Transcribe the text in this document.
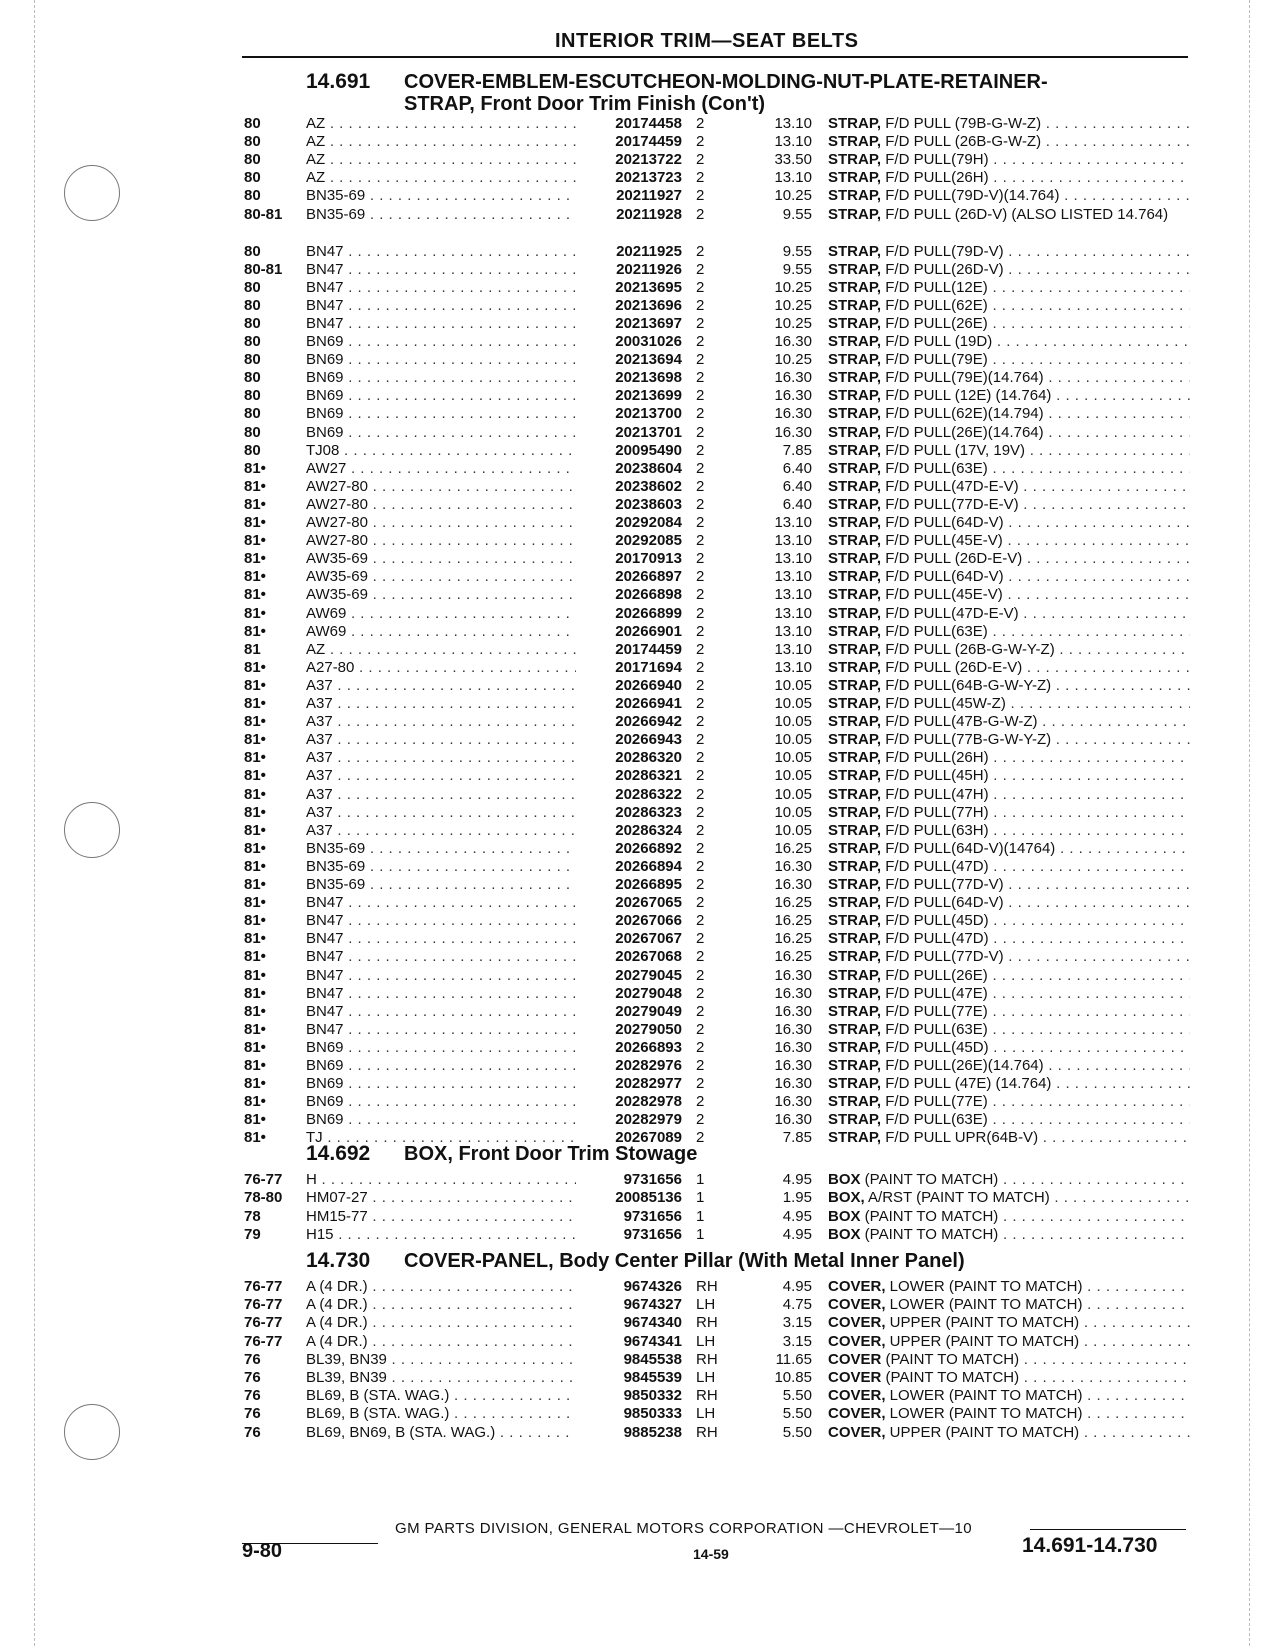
INTERIOR TRIM—SEAT BELTS
14.691 COVER-EMBLEM-ESCUTCHEON-MOLDING-NUT-PLATE-RETAINER-
STRAP, Front Door Trim Finish (Con't)
80	AZ . . .	20174458 2	13.10 STRAP, F/D PULL (79B-G-W-Z) . . .
80	AZ . . .	20174459 2	13.10 STRAP, F/D PULL (26B-G-W-Z) . . .
80	AZ . . .	20213722 2	33.50 STRAP, F/D PULL(79H) . . .
80	AZ . . .	20213723 2	13.10 STRAP, F/D PULL(26H) . . .
80	BN35-69 . . .	20211927 2	10.25 STRAP, F/D PULL(79D-V)(14.764) . . .
80-81	BN35-69 . . .	20211928 2	9.55 STRAP, F/D PULL (26D-V) (ALSO LISTED 14.764)
80	BN47 . . .	20211925 2	9.55 STRAP, F/D PULL(79D-V) . . .
80-81	BN47 . . .	20211926 2	9.55 STRAP, F/D PULL(26D-V) . . .
80	BN47 . . .	20213695 2	10.25 STRAP, F/D PULL(12E) . . .
80	BN47 . . .	20213696 2	10.25 STRAP, F/D PULL(62E) . . .
80	BN47 . . .	20213697 2	10.25 STRAP, F/D PULL(26E) . . .
80	BN69 . . .	20031026 2	16.30 STRAP, F/D PULL (19D) . . .
80	BN69 . . .	20213694 2	10.25 STRAP, F/D PULL(79E) . . .
80	BN69 . . .	20213698 2	16.30 STRAP, F/D PULL(79E)(14.764) . . .
80	BN69 . . .	20213699 2	16.30 STRAP, F/D PULL (12E) (14.764) . . .
80	BN69 . . .	20213700 2	16.30 STRAP, F/D PULL(62E)(14.794) . . .
80	BN69 . . .	20213701 2	16.30 STRAP, F/D PULL(26E)(14.764) . . .
80	TJ08 . . .	20095490 2	7.85 STRAP, F/D PULL (17V, 19V) . . .
81•	AW27 . . .	20238604 2	6.40 STRAP, F/D PULL(63E) . . .
81•	AW27-80 . . .	20238602 2	6.40 STRAP, F/D PULL(47D-E-V) . . .
81•	AW27-80 . . .	20238603 2	6.40 STRAP, F/D PULL(77D-E-V) . . .
81•	AW27-80 . . .	20292084 2	13.10 STRAP, F/D PULL(64D-V) . . .
81•	AW27-80 . . .	20292085 2	13.10 STRAP, F/D PULL(45E-V) . . .
81•	AW35-69 . . .	20170913 2	13.10 STRAP, F/D PULL (26D-E-V) . . .
81•	AW35-69 . . .	20266897 2	13.10 STRAP, F/D PULL(64D-V) . . .
81•	AW35-69 . . .	20266898 2	13.10 STRAP, F/D PULL(45E-V) . . .
81•	AW69 . . .	20266899 2	13.10 STRAP, F/D PULL(47D-E-V) . . .
81•	AW69 . . .	20266901 2	13.10 STRAP, F/D PULL(63E) . . .
81	AZ . . .	20174459 2	13.10 STRAP, F/D PULL (26B-G-W-Y-Z) . . .
81•	A27-80 . . .	20171694 2	13.10 STRAP, F/D PULL (26D-E-V) . . .
81•	A37 . . .	20266940 2	10.05 STRAP, F/D PULL(64B-G-W-Y-Z) . . .
81•	A37 . . .	20266941 2	10.05 STRAP, F/D PULL(45W-Z) . . .
81•	A37 . . .	20266942 2	10.05 STRAP, F/D PULL(47B-G-W-Z) . . .
81•	A37 . . .	20266943 2	10.05 STRAP, F/D PULL(77B-G-W-Y-Z) . . .
81•	A37 . . .	20286320 2	10.05 STRAP, F/D PULL(26H) . . .
81•	A37 . . .	20286321 2	10.05 STRAP, F/D PULL(45H) . . .
81•	A37 . . .	20286322 2	10.05 STRAP, F/D PULL(47H) . . .
81•	A37 . . .	20286323 2	10.05 STRAP, F/D PULL(77H) . . .
81•	A37 . . .	20286324 2	10.05 STRAP, F/D PULL(63H) . . .
81•	BN35-69 . . .	20266892 2	16.25 STRAP, F/D PULL(64D-V)(14764) . . .
81•	BN35-69 . . .	20266894 2	16.30 STRAP, F/D PULL(47D) . . .
81•	BN35-69 . . .	20266895 2	16.30 STRAP, F/D PULL(77D-V) . . .
81•	BN47 . . .	20267065 2	16.25 STRAP, F/D PULL(64D-V) . . .
81•	BN47 . . .	20267066 2	16.25 STRAP, F/D PULL(45D) . . .
81•	BN47 . . .	20267067 2	16.25 STRAP, F/D PULL(47D) . . .
81•	BN47 . . .	20267068 2	16.25 STRAP, F/D PULL(77D-V) . . .
81•	BN47 . . .	20279045 2	16.30 STRAP, F/D PULL(26E) . . .
81•	BN47 . . .	20279048 2	16.30 STRAP, F/D PULL(47E) . . .
81•	BN47 . . .	20279049 2	16.30 STRAP, F/D PULL(77E) . . .
81•	BN47 . . .	20279050 2	16.30 STRAP, F/D PULL(63E) . . .
81•	BN69 . . .	20266893 2	16.30 STRAP, F/D PULL(45D) . . .
81•	BN69 . . .	20282976 2	16.30 STRAP, F/D PULL(26E)(14.764) . . .
81•	BN69 . . .	20282977 2	16.30 STRAP, F/D PULL (47E) (14.764) . . .
81•	BN69 . . .	20282978 2	16.30 STRAP, F/D PULL(77E) . . .
81•	BN69 . . .	20282979 2	16.30 STRAP, F/D PULL(63E) . . .
81•	TJ . . .	20267089 2	7.85 STRAP, F/D PULL UPR(64B-V) . . .
14.692 BOX, Front Door Trim Stowage
76-77	H . . .	9731656 1	4.95 BOX (PAINT TO MATCH) . . .
78-80	HM07-27 . . .	20085136 1	1.95 BOX, A/RST (PAINT TO MATCH) . . .
78	HM15-77 . . .	9731656 1	4.95 BOX (PAINT TO MATCH) . . .
79	H15 . . .	9731656 1	4.95 BOX (PAINT TO MATCH) . . .
14.730 COVER-PANEL, Body Center Pillar (With Metal Inner Panel)
76-77	A (4 DR.) . . .	9674326 RH	4.95 COVER, LOWER (PAINT TO MATCH) . . .
76-77	A (4 DR.) . . .	9674327 LH	4.75 COVER, LOWER (PAINT TO MATCH) . . .
76-77	A (4 DR.) . . .	9674340 RH	3.15 COVER, UPPER (PAINT TO MATCH) . . .
76-77	A (4 DR.) . . .	9674341 LH	3.15 COVER, UPPER (PAINT TO MATCH) . . .
76	BL39, BN39 . . .	9845538 RH	11.65 COVER (PAINT TO MATCH) . . .
76	BL39, BN39 . . .	9845539 LH	10.85 COVER (PAINT TO MATCH) . . .
76	BL69, B (STA. WAG.) . . .	9850332 RH	5.50 COVER, LOWER (PAINT TO MATCH) . . .
76	BL69, B (STA. WAG.) . . .	9850333 LH	5.50 COVER, LOWER (PAINT TO MATCH) . . .
76	BL69, BN69, B (STA. WAG.) . . .	9885238 RH	5.50 COVER, UPPER (PAINT TO MATCH) . . .
GM PARTS DIVISION, GENERAL MOTORS CORPORATION —CHEVROLET—10
9-80	14-59	14.691-14.730
